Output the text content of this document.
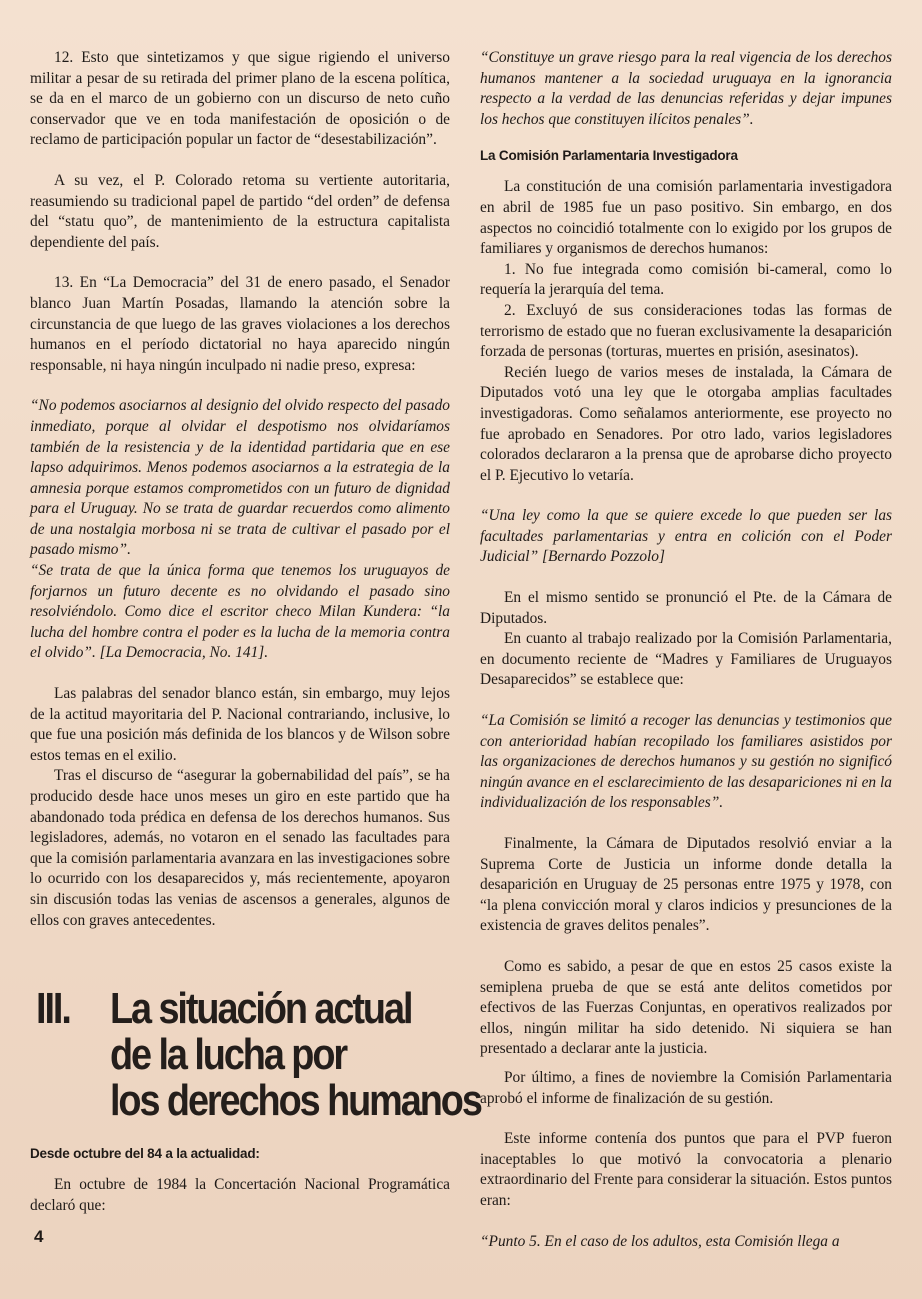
12. Esto que sintetizamos y que sigue rigiendo el universo militar a pesar de su retirada del primer plano de la escena política, se da en el marco de un gobierno con un discurso de neto cuño conservador que ve en toda manifestación de oposición o de reclamo de participación popular un factor de “desestabilización”.

A su vez, el P. Colorado retoma su vertiente autoritaria, reasumiendo su tradicional papel de partido “del orden” de defensa del “statu quo”, de mantenimiento de la estructura capitalista dependiente del país.

13. En “La Democracia” del 31 de enero pasado, el Senador blanco Juan Martín Posadas, llamando la atención sobre la circunstancia de que luego de las graves violaciones a los derechos humanos en el período dictatorial no haya aparecido ningún responsable, ni haya ningún inculpado ni nadie preso, expresa:

“No podemos asociarnos al designio del olvido respecto del pasado inmediato, porque al olvidar el despotismo nos olvidaríamos también de la resistencia y de la identidad partidaria que en ese lapso adquirimos. Menos podemos asociarnos a la estrategia de la amnesia porque estamos comprometidos con un futuro de dignidad para el Uruguay. No se trata de guardar recuerdos como alimento de una nostalgia morbosa ni se trata de cultivar el pasado por el pasado mismo”.

“Se trata de que la única forma que tenemos los uruguayos de forjarnos un futuro decente es no olvidando el pasado sino resolviéndolo. Como dice el escritor checo Milan Kundera: “la lucha del hombre contra el poder es la lucha de la memoria contra el olvido”. [La Democracia, No. 141].

Las palabras del senador blanco están, sin embargo, muy lejos de la actitud mayoritaria del P. Nacional contrariando, inclusive, lo que fue una posición más definida de los blancos y de Wilson sobre estos temas en el exilio.

Tras el discurso de “asegurar la gobernabilidad del país”, se ha producido desde hace unos meses un giro en este partido que ha abandonado toda prédica en defensa de los derechos humanos. Sus legisladores, además, no votaron en el senado las facultades para que la comisión parlamentaria avanzara en las investigaciones sobre lo ocurrido con los desaparecidos y, más recientemente, apoyaron sin discusión todas las venias de ascensos a generales, algunos de ellos con graves antecedentes.

III. La situación actual
de la lucha por
los derechos humanos
Desde octubre del 84 a la actualidad:

En octubre de 1984 la Concertación Nacional Programática declaró que:

“Constituye un grave riesgo para la real vigencia de los derechos humanos mantener a la sociedad uruguaya en la ignorancia respecto a la verdad de las denuncias referidas y dejar impunes los hechos que constituyen ilícitos penales”.

La Comisión Parlamentaria Investigadora

La constitución de una comisión parlamentaria investigadora en abril de 1985 fue un paso positivo. Sin embargo, en dos aspectos no coincidió totalmente con lo exigido por los grupos de familiares y organismos de derechos humanos:

1. No fue integrada como comisión bi-cameral, como lo requería la jerarquía del tema.

2. Excluyó de sus consideraciones todas las formas de terrorismo de estado que no fueran exclusivamente la desaparición forzada de personas (torturas, muertes en prisión, asesinatos).

Recién luego de varios meses de instalada, la Cámara de Diputados votó una ley que le otorgaba amplias facultades investigadoras. Como señalamos anteriormente, ese proyecto no fue aprobado en Senadores. Por otro lado, varios legisladores colorados declararon a la prensa que de aprobarse dicho proyecto el P. Ejecutivo lo vetaría.

“Una ley como la que se quiere excede lo que pueden ser las facultades parlamentarias y entra en colición con el Poder Judicial” [Bernardo Pozzolo]

En el mismo sentido se pronunció el Pte. de la Cámara de Diputados.

En cuanto al trabajo realizado por la Comisión Parlamentaria, en documento reciente de “Madres y Familiares de Uruguayos Desaparecidos” se establece que:

“La Comisión se limitó a recoger las denuncias y testimonios que con anterioridad habían recopilado los familiares asistidos por las organizaciones de derechos humanos y su gestión no significó ningún avance en el esclarecimiento de las desapariciones ni en la individualización de los responsables”.

Finalmente, la Cámara de Diputados resolvió enviar a la Suprema Corte de Justicia un informe donde detalla la desaparición en Uruguay de 25 personas entre 1975 y 1978, con “la plena convicción moral y claros indicios y presunciones de la existencia de graves delitos penales”.

Como es sabido, a pesar de que en estos 25 casos existe la semiplena prueba de que se está ante delitos cometidos por efectivos de las Fuerzas Conjuntas, en operativos realizados por ellos, ningún militar ha sido detenido. Ni siquiera se han presentado a declarar ante la justicia.

Por último, a fines de noviembre la Comisión Parlamentaria aprobó el informe de finalización de su gestión.

Este informe contenía dos puntos que para el PVP fueron inaceptables lo que motivó la convocatoria a plenario extraordinario del Frente para considerar la situación. Estos puntos eran:

“Punto 5. En el caso de los adultos, esta Comisión llega a

4
